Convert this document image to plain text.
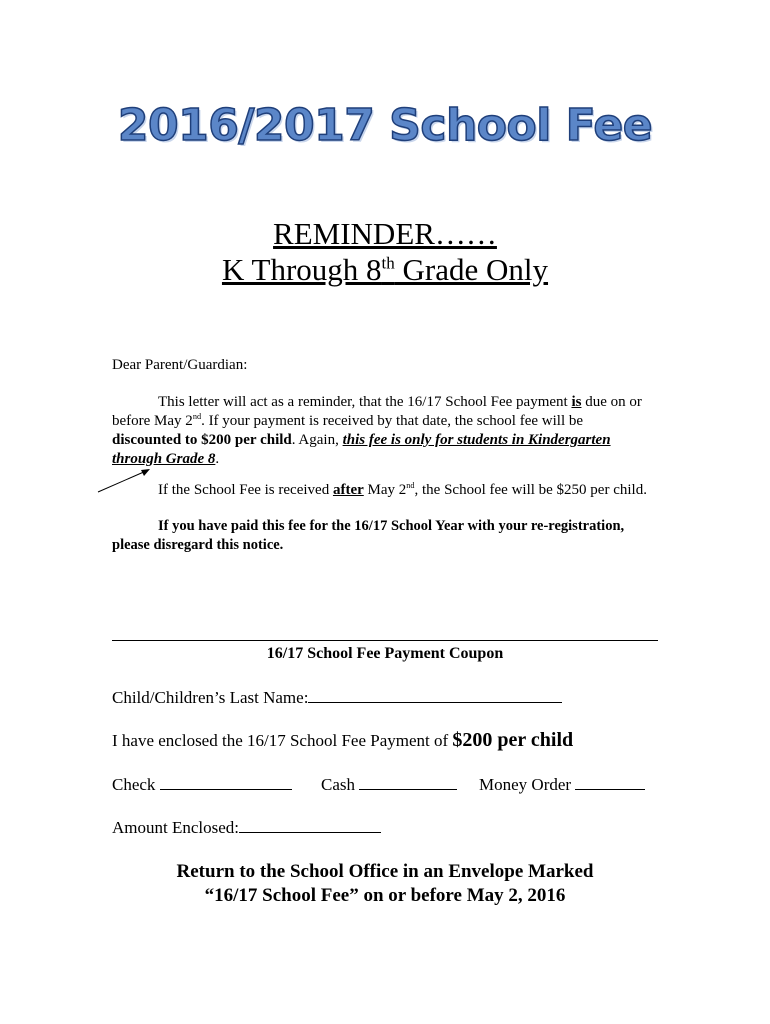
2016/2017 School Fee
REMINDER……
K Through 8th Grade Only
Dear Parent/Guardian:
This letter will act as a reminder, that the 16/17 School Fee payment is due on or before May 2nd. If your payment is received by that date, the school fee will be discounted to $200 per child. Again, this fee is only for students in Kindergarten through Grade 8.
If the School Fee is received after May 2nd, the School fee will be $250 per child.
If you have paid this fee for the 16/17 School Year with your re-registration, please disregard this notice.
16/17 School Fee Payment Coupon
Child/Children’s Last Name:
I have enclosed the 16/17 School Fee Payment of $200 per child
Check	Cash	Money Order
Amount Enclosed:
Return to the School Office in an Envelope Marked
“16/17 School Fee” on or before May 2, 2016
